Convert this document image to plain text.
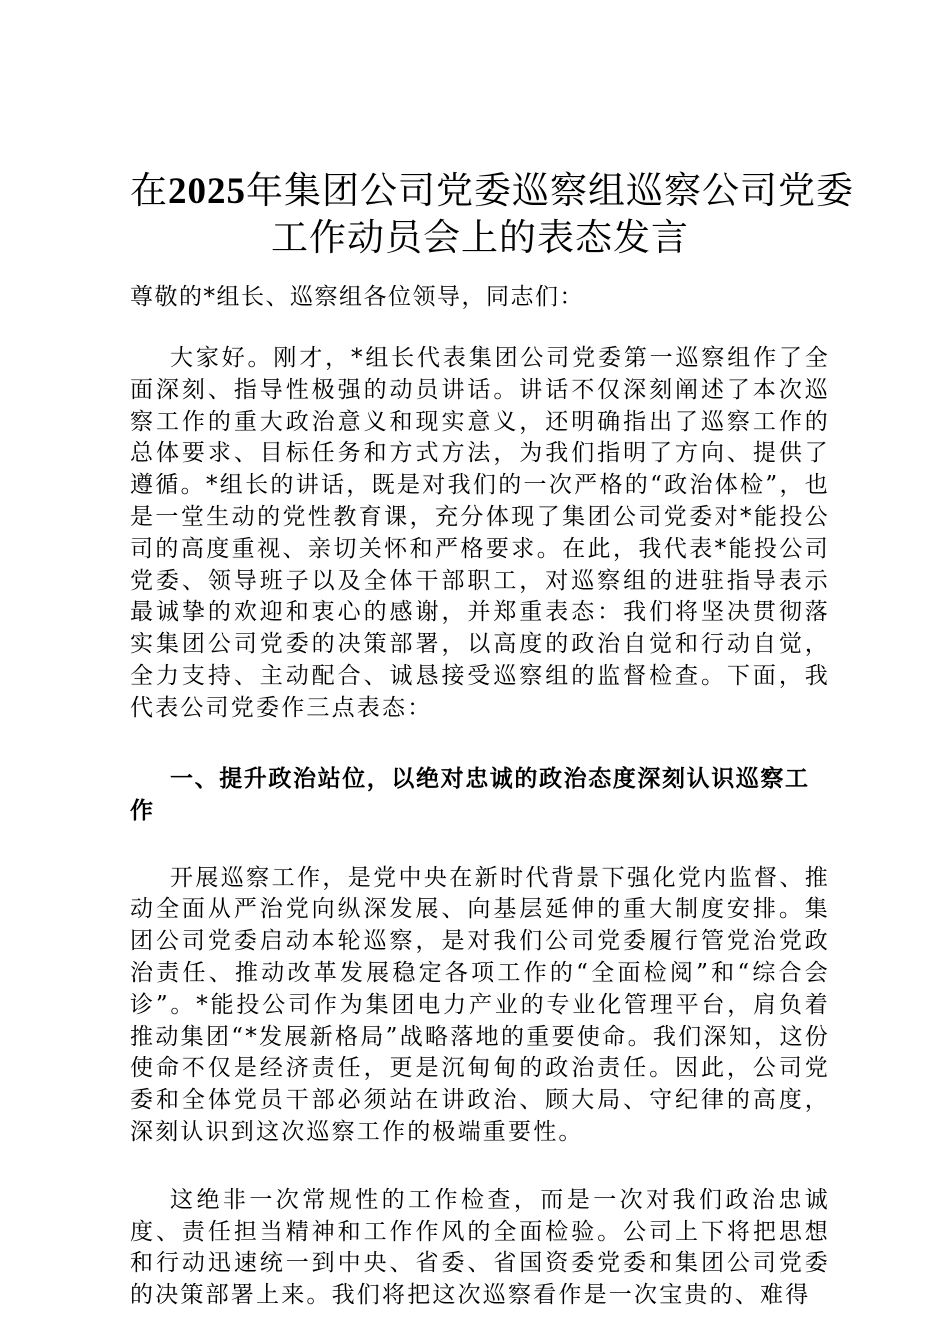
在2025年集团公司党委巡察组巡察公司党委
工作动员会上的表态发言

尊敬的*组长、巡察组各位领导，同志们：

大家好。刚才，*组长代表集团公司党委第一巡察组作了全面深刻、指导性极强的动员讲话。讲话不仅深刻阐述了本次巡察工作的重大政治意义和现实意义，还明确指出了巡察工作的总体要求、目标任务和方式方法，为我们指明了方向、提供了遵循。*组长的讲话，既是对我们的一次严格的“政治体检”，也是一堂生动的党性教育课，充分体现了集团公司党委对*能投公司的高度重视、亲切关怀和严格要求。在此，我代表*能投公司党委、领导班子以及全体干部职工，对巡察组的进驻指导表示最诚挚的欢迎和衷心的感谢，并郑重表态：我们将坚决贯彻落实集团公司党委的决策部署，以高度的政治自觉和行动自觉，全力支持、主动配合、诚恳接受巡察组的监督检查。下面，我代表公司党委作三点表态：

一、提升政治站位，以绝对忠诚的政治态度深刻认识巡察工作

开展巡察工作，是党中央在新时代背景下强化党内监督、推动全面从严治党向纵深发展、向基层延伸的重大制度安排。集团公司党委启动本轮巡察，是对我们公司党委履行管党治党政治责任、推动改革发展稳定各项工作的“全面检阅”和“综合会诊”。*能投公司作为集团电力产业的专业化管理平台，肩负着推动集团“*发展新格局”战略落地的重要使命。我们深知，这份使命不仅是经济责任，更是沉甸甸的政治责任。因此，公司党委和全体党员干部必须站在讲政治、顾大局、守纪律的高度，深刻认识到这次巡察工作的极端重要性。

这绝非一次常规性的工作检查，而是一次对我们政治忠诚度、责任担当精神和工作作风的全面检验。公司上下将把思想和行动迅速统一到中央、省委、省国资委党委和集团公司党委的决策部署上来。我们将把这次巡察看作是一次宝贵的、难得
